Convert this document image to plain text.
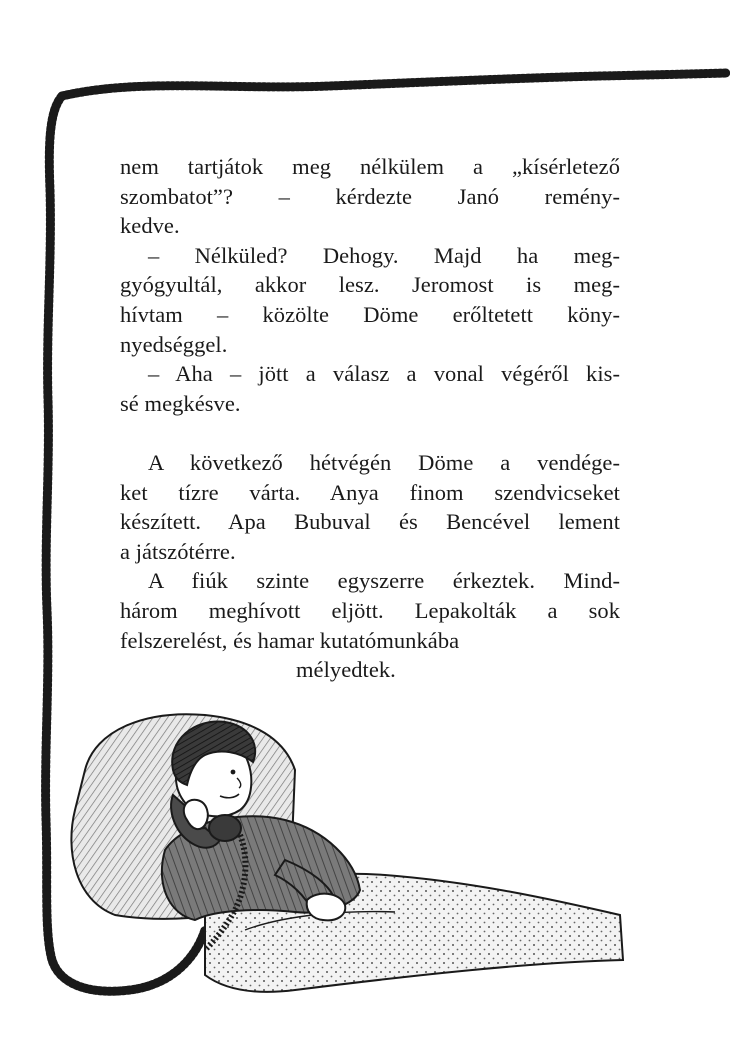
nem tartjátok meg nélkülem a „kísérletező
szombatot”? – kérdezte Janó remény-
kedve.
– Nélküled? Dehogy. Majd ha meg-
gyógyultál, akkor lesz. Jeromost is meg-
hívtam – közölte Döme erőltetett köny-
nyedséggel.
– Aha – jött a válasz a vonal végéről kis-
sé megkésve.
A következő hétvégén Döme a vendége-
ket tízre várta. Anya finom szendvicseket
készített. Apa Bubuval és Bencével lement
a játszótérre.
A fiúk szinte egyszerre érkeztek. Mind-
három meghívott eljött. Lepakolták a sok
felszerelést, és hamar kutatómunkába
mélyedtek.
